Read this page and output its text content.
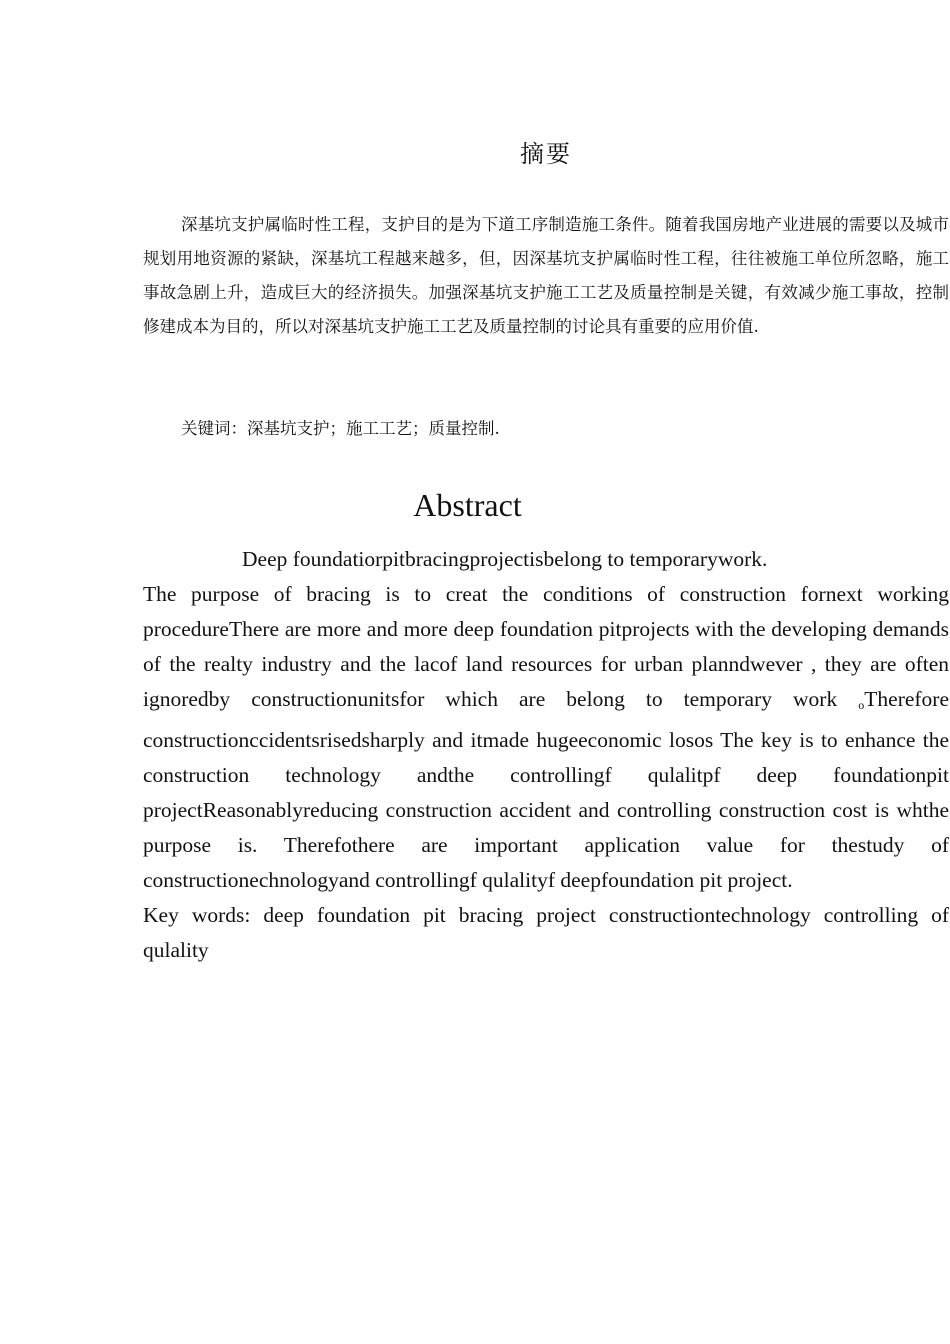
摘要

深基坑支护属临时性工程，支护目的是为下道工序制造施工条件。随着我国房地产业进展的需要以及城市规划用地资源的紧缺，深基坑工程越来越多，但，因深基坑支护属临时性工程，往往被施工单位所忽略，施工事故急剧上升，造成巨大的经济损失。加强深基坑支护施工工艺及质量控制是关键，有效减少施工事故，控制修建成本为目的，所以对深基坑支护施工工艺及质量控制的讨论具有重要的应用价值.

关键词：深基坑支护；施工工艺；质量控制.

Abstract

Deep foundatiorpitbracingprojectisbelong to temporarywork.

The purpose of bracing is to creat the conditions of construction fornext working procedureThere are more and more deep foundation pitprojects with the developing demands of the realty industry and the lacof land resources for urban planndwever , they are often ignoredby constructionunitsfor which are belong to temporary work oTherefore constructionccidentsrisedsharply and itmade hugeeconomic losos The key is to enhance the construction technology andthe controllingf qulalitpf deep foundationpit projectReasonablyreducing construction accident and controlling construction cost is whthe purpose is. Therefothere are important application value for thestudy of constructionechnologyand controllingf qulalityf deepfoundation pit project.

Key words: deep foundation pit bracing project constructiontechnology controlling of qulality
